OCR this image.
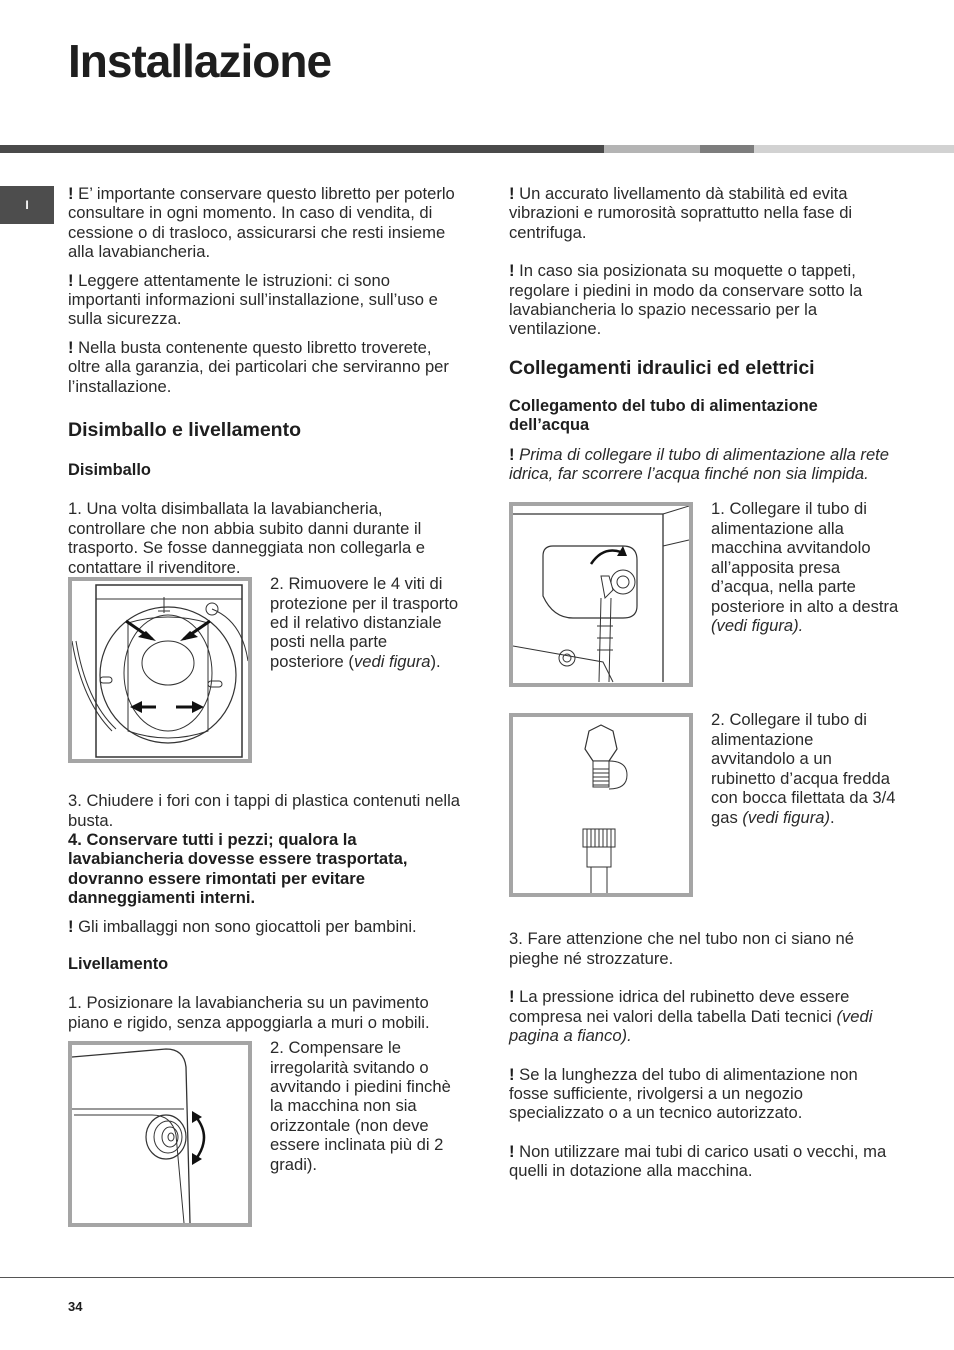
Installazione
I

! E’ importante conservare questo libretto per poterlo consultare in ogni momento. In caso di vendita, di cessione o di trasloco, assicurarsi che resti insieme alla lavabiancheria.

! Leggere attentamente le istruzioni: ci sono importanti informazioni sull’installazione, sull’uso e sulla sicurezza.

! Nella busta contenente questo libretto troverete, oltre alla garanzia, dei particolari che serviranno per l’installazione.

Disimballo e livellamento
Disimballo

1. Una volta disimballata la lavabiancheria, controllare che non abbia subito danni durante il trasporto. Se fosse danneggiata non collegarla e contattare il rivenditore.

2. Rimuovere le 4 viti di protezione per il trasporto ed il relativo distanziale posti nella parte posteriore (vedi figura).

3. Chiudere i fori con i tappi di plastica contenuti nella busta.

4. Conservare tutti i pezzi; qualora la lavabiancheria dovesse essere trasportata, dovranno essere rimontati per evitare danneggiamenti interni.

! Gli imballaggi non sono giocattoli per bambini.

Livellamento

1. Posizionare la lavabiancheria su un pavimento piano e rigido, senza appoggiarla a muri o mobili.

2. Compensare le irregolarità svitando o avvitando i piedini finchè la macchina non sia orizzontale (non deve essere inclinata più di 2 gradi).

! Un accurato livellamento dà stabilità ed evita vibrazioni e rumorosità soprattutto nella fase di centrifuga.

! In caso sia posizionata su moquette o tappeti, regolare i piedini in modo da conservare sotto la lavabiancheria lo spazio necessario per la ventilazione.

Collegamenti idraulici ed elettrici
Collegamento del tubo di alimentazione dell’acqua

! Prima di collegare il tubo di alimentazione alla rete idrica, far scorrere l’acqua finché non sia limpida.

1. Collegare il tubo di alimentazione alla macchina avvitandolo all’apposita presa d’acqua, nella parte posteriore in alto a destra (vedi figura).

2. Collegare il tubo di alimentazione avvitandolo a un rubinetto d’acqua fredda con bocca filettata da 3/4 gas (vedi figura).

3. Fare attenzione che nel tubo non ci siano né pieghe né strozzature.

! La pressione idrica del rubinetto deve essere compresa nei valori della tabella Dati tecnici (vedi pagina a fianco).

! Se la lunghezza del tubo di alimentazione non fosse sufficiente, rivolgersi a un negozio specializzato o a un tecnico autorizzato.

! Non utilizzare mai tubi di carico usati o vecchi, ma quelli in dotazione alla macchina.

34
